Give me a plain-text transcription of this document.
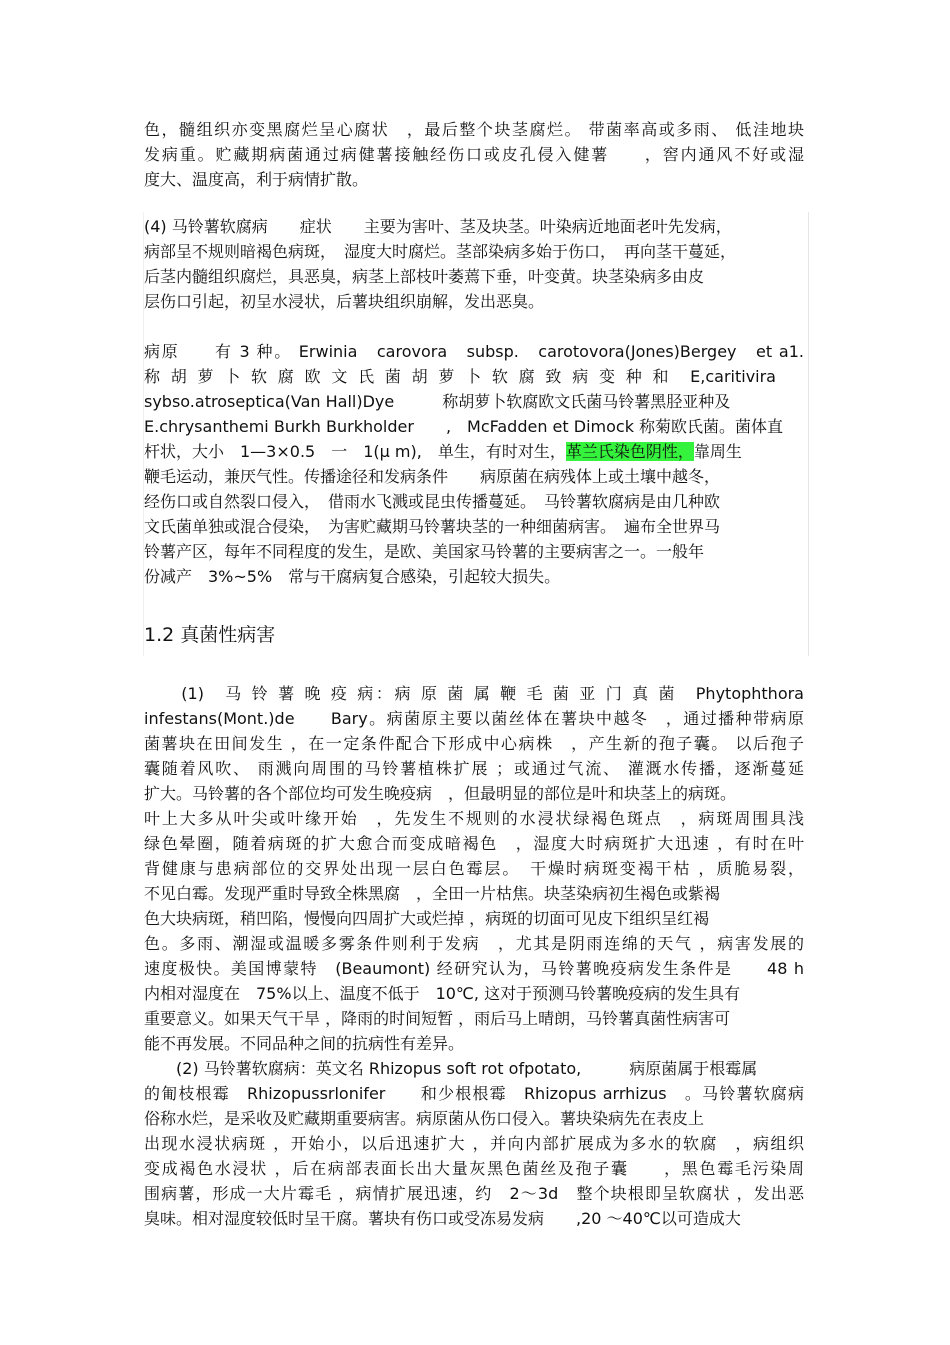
色，髓组织亦变黑腐烂呈心腐状　，最后整个块茎腐烂。 带菌率高或多雨、 低洼地块
发病重。贮藏期病菌通过病健薯接触经伤口或皮孔侵入健薯　　，窖内通风不好或湿
度大、温度高，利于病情扩散。
(4) 马铃薯软腐病　　症状　　主要为害叶、茎及块茎。叶染病近地面老叶先发病，
病部呈不规则暗褐色病斑，　湿度大时腐烂。茎部染病多始于伤口，　再向茎干蔓延，
后茎内髓组织腐烂，具恶臭，病茎上部枝叶萎蔫下垂，叶变黄。块茎染病多由皮
层伤口引起，初呈水浸状，后薯块组织崩解，发出恶臭。
病原　　有 3 种。 Erwinia　carovora　subsp.　carotovora(Jones)Bergey　et a1.
称 胡 萝 卜 软 腐 欧 文 氏 菌 胡 萝 卜 软 腐 致 病 变 种 和　E,caritivira
sybso.atroseptica(Van Hall)Dye　　　称胡萝卜软腐欧文氏菌马铃薯黑胫亚种及
E.chrysanthemi Burkh Burkholder　　,　McFadden et Dimock 称菊欧氏菌。菌体直
杆状，大小　1—3×0.5　一　1(μ m),　单生，有时对生，革兰氏染色阴性，靠周生
鞭毛运动，兼厌气性。传播途径和发病条件　　病原菌在病残体上或土壤中越冬，
经伤口或自然裂口侵入，　借雨水飞溅或昆虫传播蔓延。　马铃薯软腐病是由几种欧
文氏菌单独或混合侵染，　为害贮藏期马铃薯块茎的一种细菌病害。　遍布全世界马
铃薯产区，每年不同程度的发生，是欧、美国家马铃薯的主要病害之一。一般年
份减产　3%~5%　常与干腐病复合感染，引起较大损失。
1.2 真菌性病害
　　(1)　马 铃 薯 晚 疫 病：病 原 菌 属 鞭 毛 菌 亚 门 真 菌　Phytophthora
infestans(Mont.)de　　Bary。病菌原主要以菌丝体在薯块中越冬　，通过播种带病原
菌薯块在田间发生 ，在一定条件配合下形成中心病株　，产生新的孢子囊。 以后孢子
囊随着风吹、 雨溅向周围的马铃薯植株扩展 ；或通过气流、 灌溉水传播，逐渐蔓延
扩大。马铃薯的各个部位均可发生晚疫病　，但最明显的部位是叶和块茎上的病斑。
叶上大多从叶尖或叶缘开始　，先发生不规则的水浸状绿褐色斑点　，病斑周围具浅
绿色晕圈，随着病斑的扩大愈合而变成暗褐色　，湿度大时病斑扩大迅速 ，有时在叶
背健康与患病部位的交界处出现一层白色霉层。　干燥时病斑变褐干枯 ，质脆易裂，
不见白霉。发现严重时导致全株黑腐　，全田一片枯焦。块茎染病初生褐色或紫褐
色大块病斑，稍凹陷，慢慢向四周扩大或烂掉 ，病斑的切面可见皮下组织呈红褐
色。多雨、潮湿或温暖多雾条件则利于发病　，尤其是阴雨连绵的天气 ，病害发展的
速度极快。美国博蒙特　(Beaumont) 经研究认为，马铃薯晚疫病发生条件是　　48 h
内相对湿度在　75%以上、温度不低于　10℃, 这对于预测马铃薯晚疫病的发生具有
重要意义。如果天气干旱 ，降雨的时间短暂 ，雨后马上晴朗，马铃薯真菌性病害可
能不再发展。不同品种之间的抗病性有差异。
　　(2) 马铃薯软腐病：英文名 Rhizopus soft rot ofpotato,　　　病原菌属于根霉属
的匍枝根霉　Rhizopussrlonifer　　和少根根霉　Rhizopus arrhizus　。马铃薯软腐病
俗称水烂，是采收及贮藏期重要病害。病原菌从伤口侵入。薯块染病先在表皮上
出现水浸状病斑 ，开始小，以后迅速扩大 ，并向内部扩展成为多水的软腐　，病组织
变成褐色水浸状 ，后在病部表面长出大量灰黑色菌丝及孢子囊　　，黑色霉毛污染周
围病薯，形成一大片霉毛 ，病情扩展迅速，约　2～3d　整个块根即呈软腐状 ，发出恶
臭味。相对湿度较低时呈干腐。薯块有伤口或受冻易发病　　,20 ～40℃以可造成大
